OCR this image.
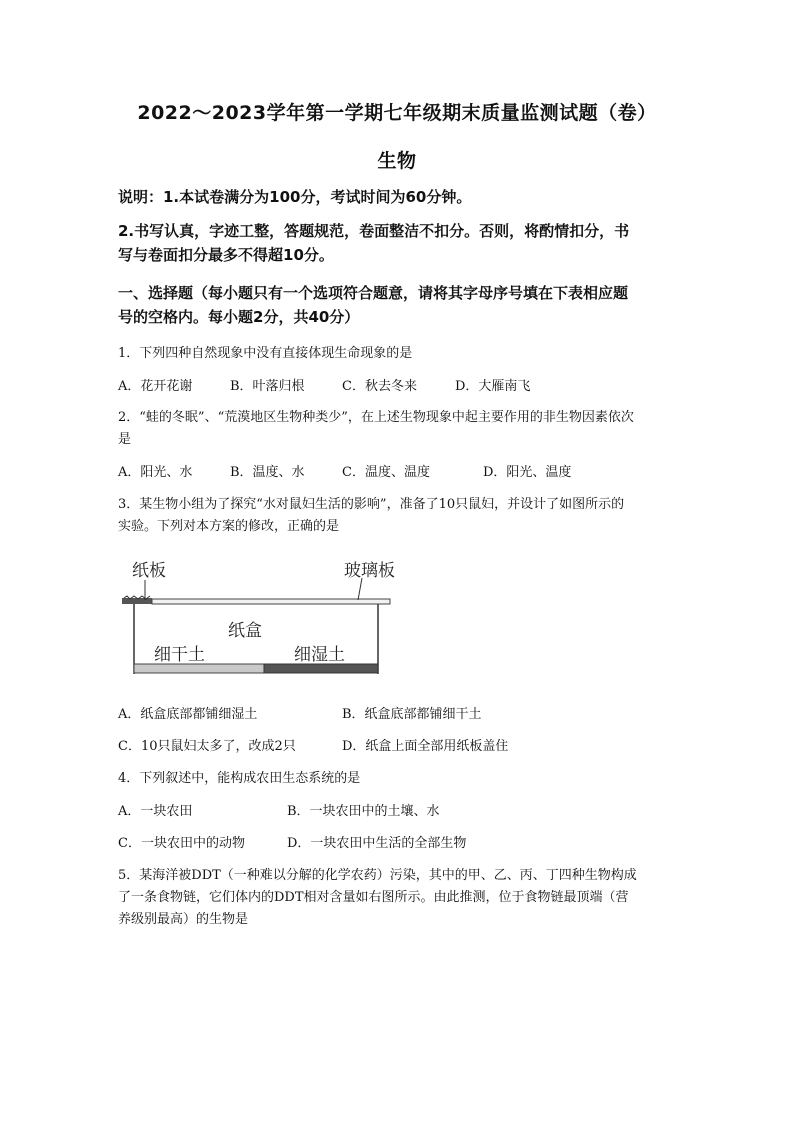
2022～2023学年第一学期七年级期末质量监测试题（卷）
生物
说明：1.本试卷满分为100分，考试时间为60分钟。
2.书写认真，字迹工整，答题规范，卷面整洁不扣分。否则，将酌情扣分，书
写与卷面扣分最多不得超10分。
一、选择题（每小题只有一个选项符合题意，请将其字母序号填在下表相应题
号的空格内。每小题2分，共40分）
1．下列四种自然现象中没有直接体现生命现象的是
A．花开花谢	B．叶落归根	C．秋去冬来	D．大雁南飞
2．“蛙的冬眠”、“荒漠地区生物种类少”，在上述生物现象中起主要作用的非生物因素依次
是
A．阳光、水	B．温度、水	C．温度、温度	D．阳光、温度
3．某生物小组为了探究“水对鼠妇生活的影响”，准备了10只鼠妇，并设计了如图所示的
实验。下列对本方案的修改，正确的是
纸板	玻璃板
纸盒
细干土	细湿土
A．纸盒底部都铺细湿土	B．纸盒底部都铺细干土
C．10只鼠妇太多了，改成2只	D．纸盒上面全部用纸板盖住
4．下列叙述中，能构成农田生态系统的是
A．一块农田	B．一块农田中的土壤、水
C．一块农田中的动物	D．一块农田中生活的全部生物
5．某海洋被DDT（一种难以分解的化学农药）污染，其中的甲、乙、丙、丁四种生物构成
了一条食物链，它们体内的DDT相对含量如右图所示。由此推测，位于食物链最顶端（营
养级别最高）的生物是
